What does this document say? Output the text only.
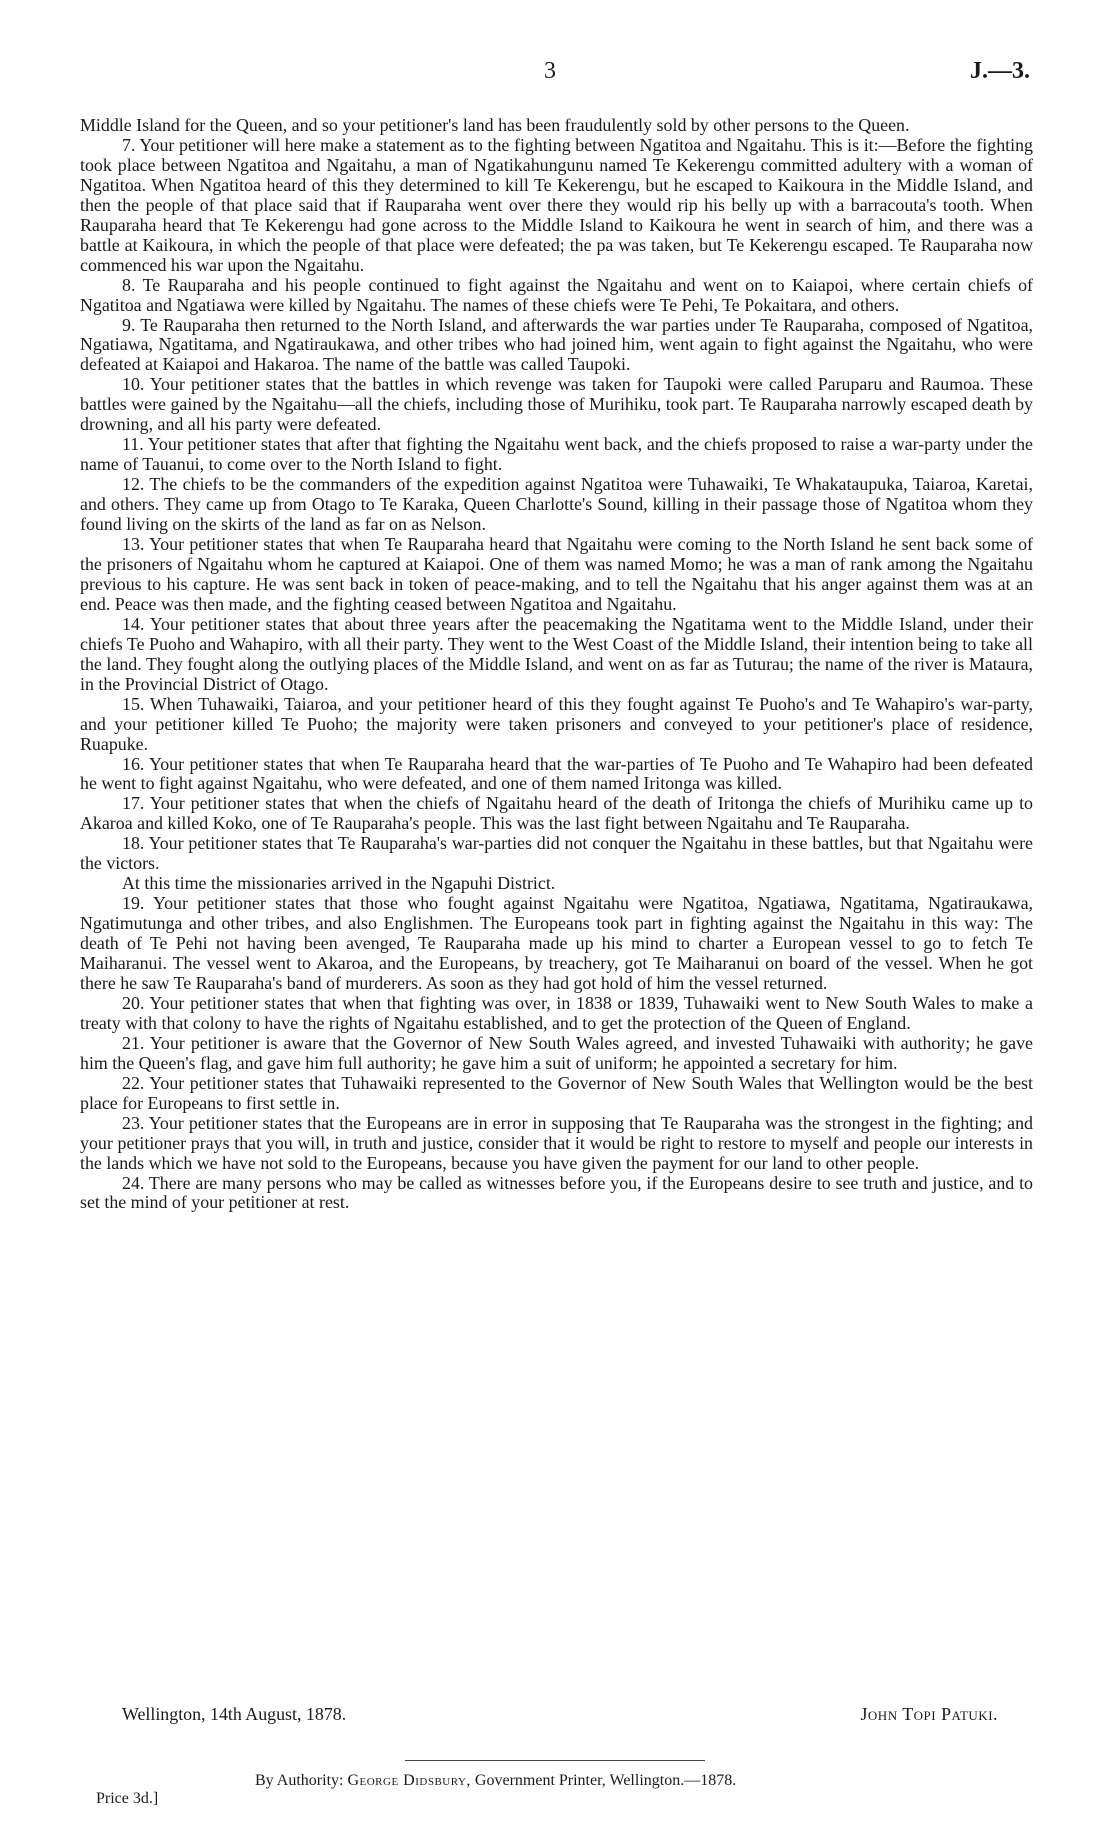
3	J.—3.

Middle Island for the Queen, and so your petitioner's land has been fraudulently sold by other persons to the Queen.

7. Your petitioner will here make a statement as to the fighting between Ngatitoa and Ngaitahu. This is it:—Before the fighting took place between Ngatitoa and Ngaitahu, a man of Ngatikahungunu named Te Kekerengu committed adultery with a woman of Ngatitoa. When Ngatitoa heard of this they determined to kill Te Kekerengu, but he escaped to Kaikoura in the Middle Island, and then the people of that place said that if Rauparaha went over there they would rip his belly up with a barracouta's tooth. When Rauparaha heard that Te Kekerengu had gone across to the Middle Island to Kaikoura he went in search of him, and there was a battle at Kaikoura, in which the people of that place were defeated; the pa was taken, but Te Kekerengu escaped. Te Rauparaha now commenced his war upon the Ngaitahu.

8. Te Rauparaha and his people continued to fight against the Ngaitahu and went on to Kaiapoi, where certain chiefs of Ngatitoa and Ngatiawa were killed by Ngaitahu. The names of these chiefs were Te Pehi, Te Pokaitara, and others.

9. Te Rauparaha then returned to the North Island, and afterwards the war parties under Te Rauparaha, composed of Ngatitoa, Ngatiawa, Ngatitama, and Ngatiraukawa, and other tribes who had joined him, went again to fight against the Ngaitahu, who were defeated at Kaiapoi and Hakaroa. The name of the battle was called Taupoki.

10. Your petitioner states that the battles in which revenge was taken for Taupoki were called Paruparu and Raumoa. These battles were gained by the Ngaitahu—all the chiefs, including those of Murihiku, took part. Te Rauparaha narrowly escaped death by drowning, and all his party were defeated.

11. Your petitioner states that after that fighting the Ngaitahu went back, and the chiefs proposed to raise a war-party under the name of Tauanui, to come over to the North Island to fight.

12. The chiefs to be the commanders of the expedition against Ngatitoa were Tuhawaiki, Te Whakataupuka, Taiaroa, Karetai, and others. They came up from Otago to Te Karaka, Queen Charlotte's Sound, killing in their passage those of Ngatitoa whom they found living on the skirts of the land as far on as Nelson.

13. Your petitioner states that when Te Rauparaha heard that Ngaitahu were coming to the North Island he sent back some of the prisoners of Ngaitahu whom he captured at Kaiapoi. One of them was named Momo; he was a man of rank among the Ngaitahu previous to his capture. He was sent back in token of peace-making, and to tell the Ngaitahu that his anger against them was at an end. Peace was then made, and the fighting ceased between Ngatitoa and Ngaitahu.

14. Your petitioner states that about three years after the peacemaking the Ngatitama went to the Middle Island, under their chiefs Te Puoho and Wahapiro, with all their party. They went to the West Coast of the Middle Island, their intention being to take all the land. They fought along the outlying places of the Middle Island, and went on as far as Tuturau; the name of the river is Mataura, in the Provincial District of Otago.

15. When Tuhawaiki, Taiaroa, and your petitioner heard of this they fought against Te Puoho's and Te Wahapiro's war-party, and your petitioner killed Te Puoho; the majority were taken prisoners and conveyed to your petitioner's place of residence, Ruapuke.

16. Your petitioner states that when Te Rauparaha heard that the war-parties of Te Puoho and Te Wahapiro had been defeated he went to fight against Ngaitahu, who were defeated, and one of them named Iritonga was killed.

17. Your petitioner states that when the chiefs of Ngaitahu heard of the death of Iritonga the chiefs of Murihiku came up to Akaroa and killed Koko, one of Te Rauparaha's people. This was the last fight between Ngaitahu and Te Rauparaha.

18. Your petitioner states that Te Rauparaha's war-parties did not conquer the Ngaitahu in these battles, but that Ngaitahu were the victors.

At this time the missionaries arrived in the Ngapuhi District.

19. Your petitioner states that those who fought against Ngaitahu were Ngatitoa, Ngatiawa, Ngatitama, Ngatiraukawa, Ngatimutunga and other tribes, and also Englishmen. The Europeans took part in fighting against the Ngaitahu in this way: The death of Te Pehi not having been avenged, Te Rauparaha made up his mind to charter a European vessel to go to fetch Te Maiharanui. The vessel went to Akaroa, and the Europeans, by treachery, got Te Maiharanui on board of the vessel. When he got there he saw Te Rauparaha's band of murderers. As soon as they had got hold of him the vessel returned.

20. Your petitioner states that when that fighting was over, in 1838 or 1839, Tuhawaiki went to New South Wales to make a treaty with that colony to have the rights of Ngaitahu established, and to get the protection of the Queen of England.

21. Your petitioner is aware that the Governor of New South Wales agreed, and invested Tuhawaiki with authority; he gave him the Queen's flag, and gave him full authority; he gave him a suit of uniform; he appointed a secretary for him.

22. Your petitioner states that Tuhawaiki represented to the Governor of New South Wales that Wellington would be the best place for Europeans to first settle in.

23. Your petitioner states that the Europeans are in error in supposing that Te Rauparaha was the strongest in the fighting; and your petitioner prays that you will, in truth and justice, consider that it would be right to restore to myself and people our interests in the lands which we have not sold to the Europeans, because you have given the payment for our land to other people.

24. There are many persons who may be called as witnesses before you, if the Europeans desire to see truth and justice, and to set the mind of your petitioner at rest.

Wellington, 14th August, 1878.	John Topi Patuki.
By Authority: George Didsbury, Government Printer, Wellington.—1878.
Price 3d.]
